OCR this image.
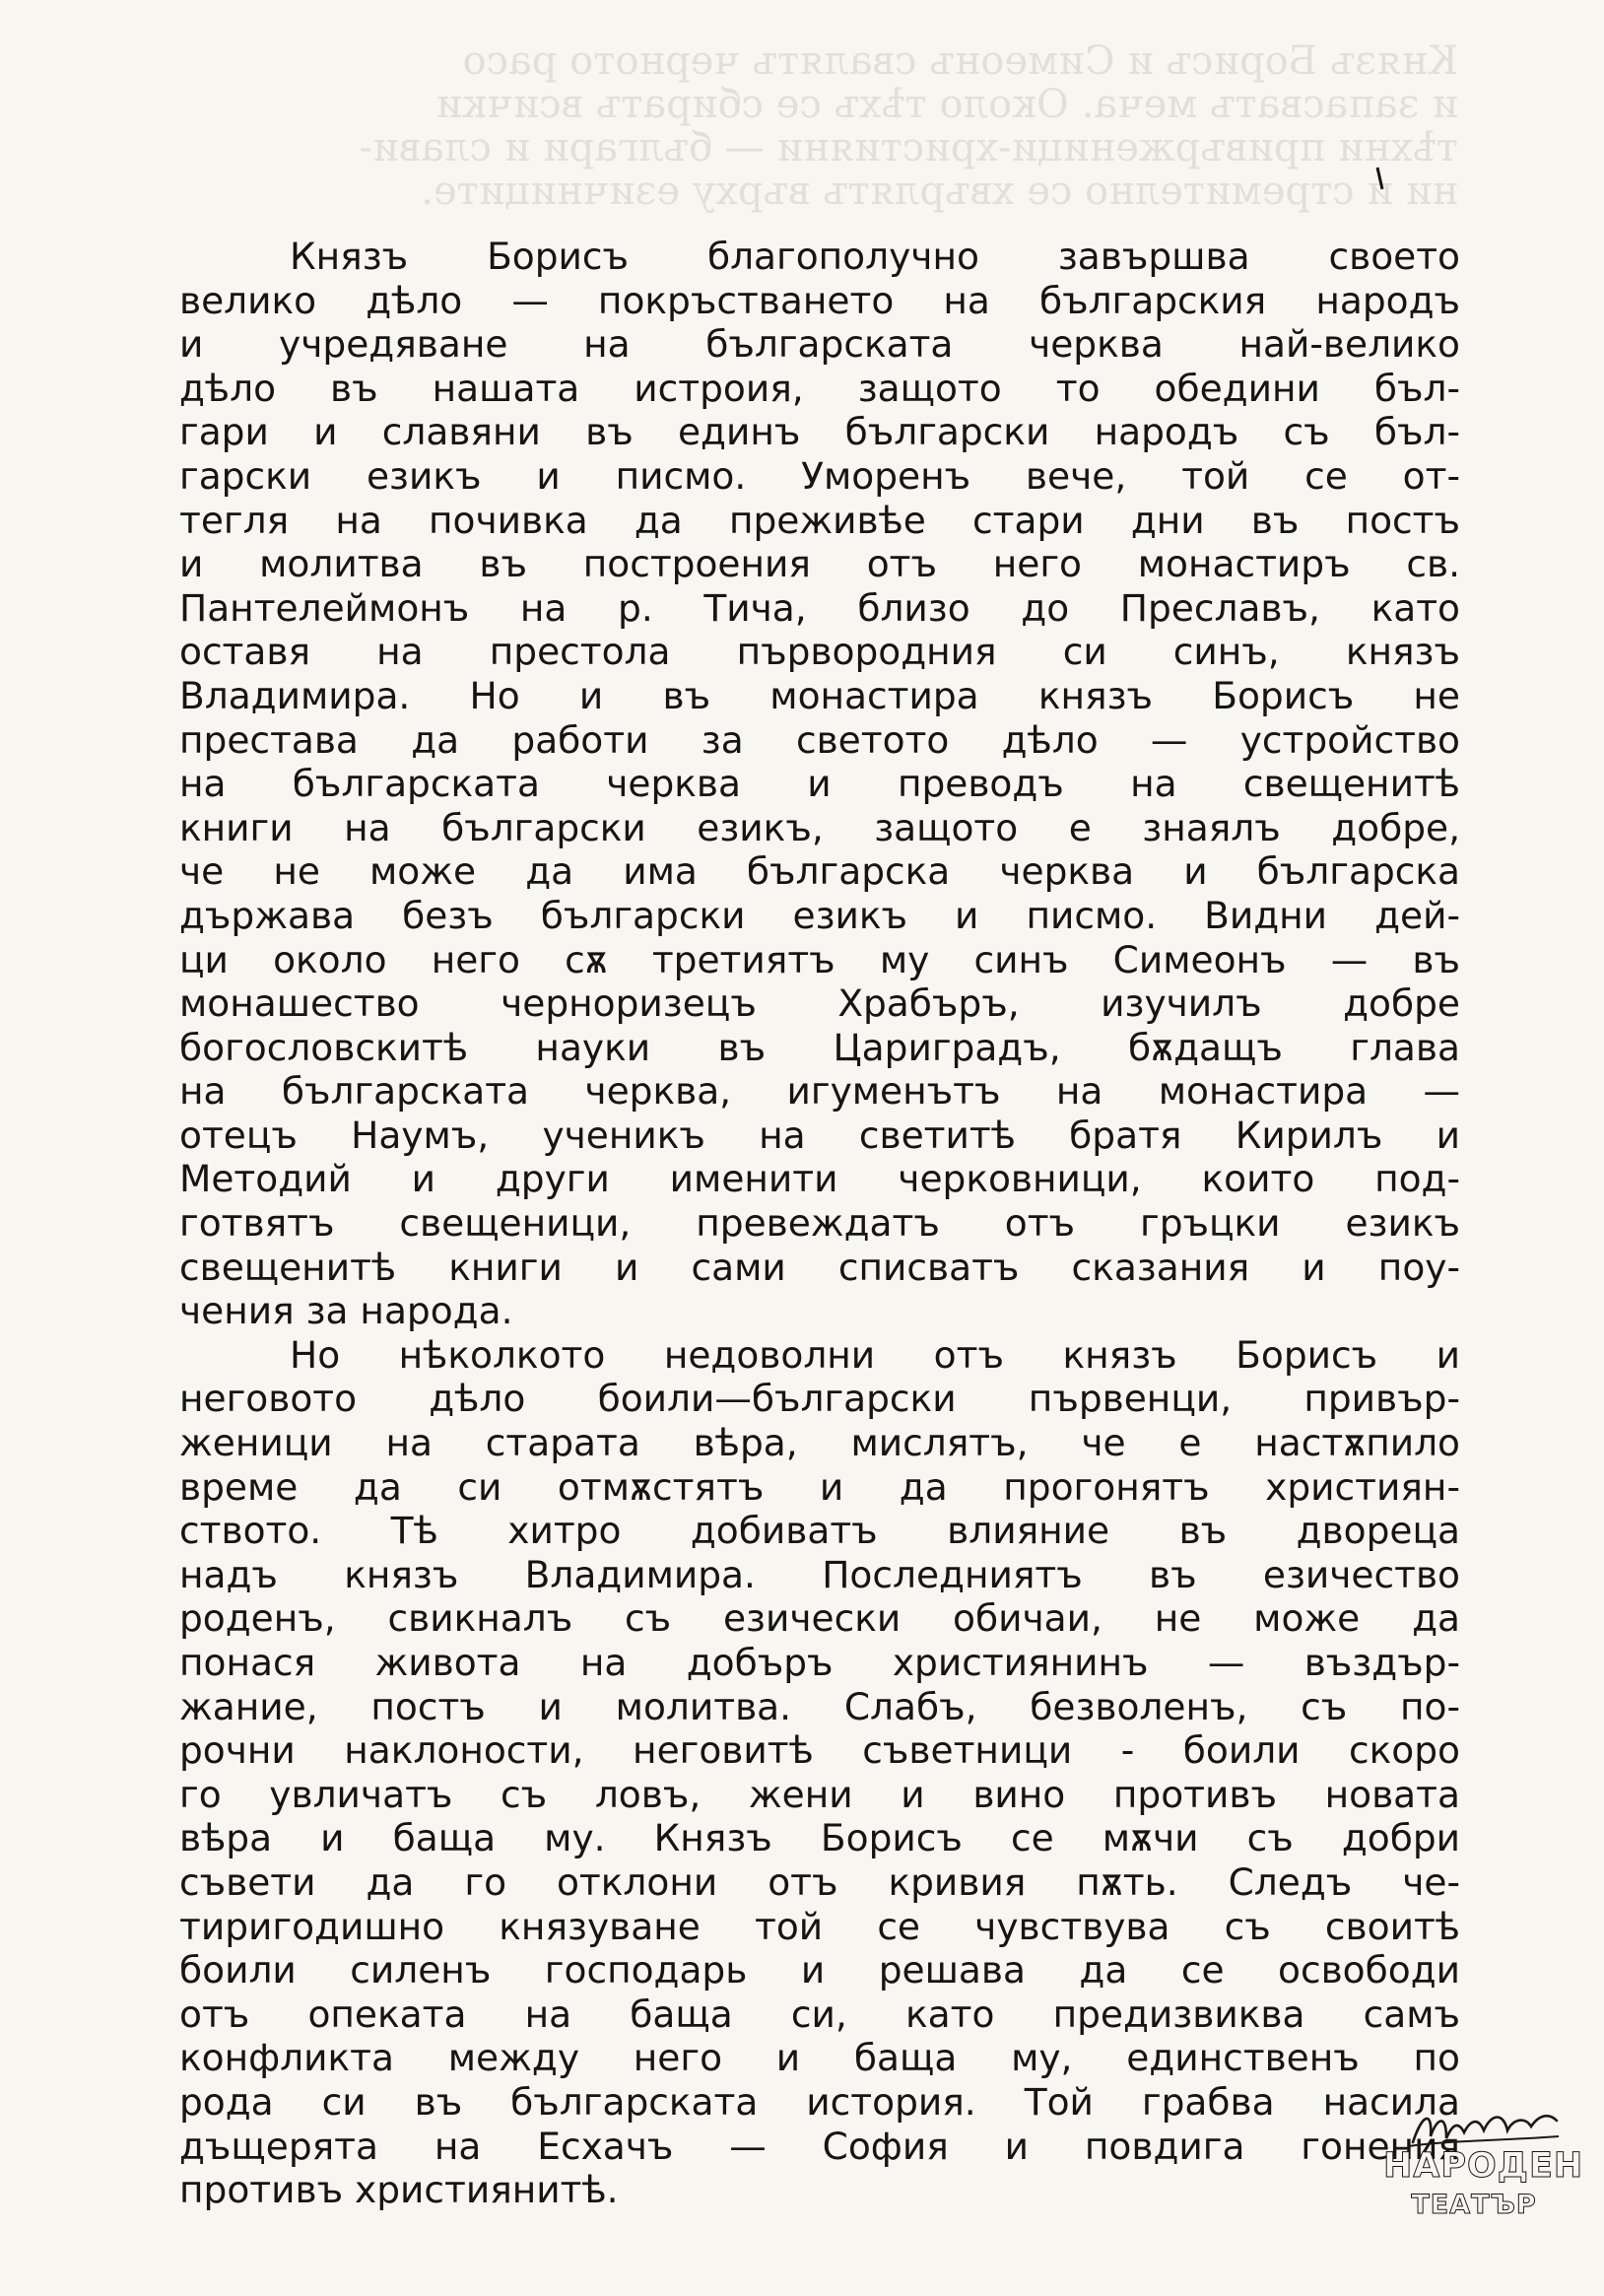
Князъ Борисъ и Симеонъ свалятъ черното расо
и запасватъ меча. Около тѣхъ се сбиратъ всички
тѣхни привърженици-християни — българи и слави-
ни и стремително се хвърлятъ върху езичниците.
Князъ Борисъ благополучно завършва своето
велико дѣло — покръстването на българския народъ
и учредяване на българската черква най-велико
дѣло въ нашата истроия, защото то обедини бъл-
гари и славяни въ единъ български народъ съ бъл-
гарски езикъ и писмо. Уморенъ вече, той се от-
тегля на почивка да преживѣе стари дни въ постъ
и молитва въ построения отъ него монастиръ св.
Пантелеймонъ на р. Тича, близо до Преславъ, като
оставя на престола първородния си синъ, князъ
Владимира. Но и въ монастира князъ Борисъ не
престава да работи за светото дѣло — устройство
на българската черква и преводъ на свещенитѣ
книги на български езикъ, защото е знаялъ добре,
че не може да има българска черква и българска
държава безъ български езикъ и писмо. Видни дей-
ци около него сѫ третиятъ му синъ Симеонъ — въ
монашество черноризецъ Храбъръ, изучилъ добре
богословскитѣ науки въ Цариградъ, бѫдащъ глава
на българската черква, игуменътъ на монастира —
отецъ Наумъ, ученикъ на светитѣ братя Кирилъ и
Методий и други именити черковници, които под-
готвятъ свещеници, превеждатъ отъ гръцки езикъ
свещенитѣ книги и сами списватъ сказания и поу-
чения за народа.
Но нѣколкото недоволни отъ князъ Борисъ и
неговото дѣло боили—български първенци, привър-
женици на старата вѣра, мислятъ, че е настѫпило
време да си отмѫстятъ и да прогонятъ християн-
ството. Тѣ хитро добиватъ влияние въ двореца
надъ князъ Владимира. Последниятъ въ езичество
роденъ, свикналъ съ езически обичаи, не може да
понася живота на добъръ християнинъ — въздър-
жание, постъ и молитва. Слабъ, безволенъ, съ по-
рочни наклоности, неговитѣ съветници - боили скоро
го увличатъ съ ловъ, жени и вино противъ новата
вѣра и баща му. Князъ Борисъ се мѫчи съ добри
съвети да го отклони отъ кривия пѫть. Следъ че-
тиригодишно князуване той се чувствува съ своитѣ
боили силенъ господарь и решава да се освободи
отъ опеката на баща си, като предизвиква самъ
конфликта между него и баща му, единственъ по
рода си въ българската история. Той грабва насила
дъщерята на Есхачъ — София и повдига гонения
противъ християнитѣ.
НАРОДЕН
ТЕАТЪР
